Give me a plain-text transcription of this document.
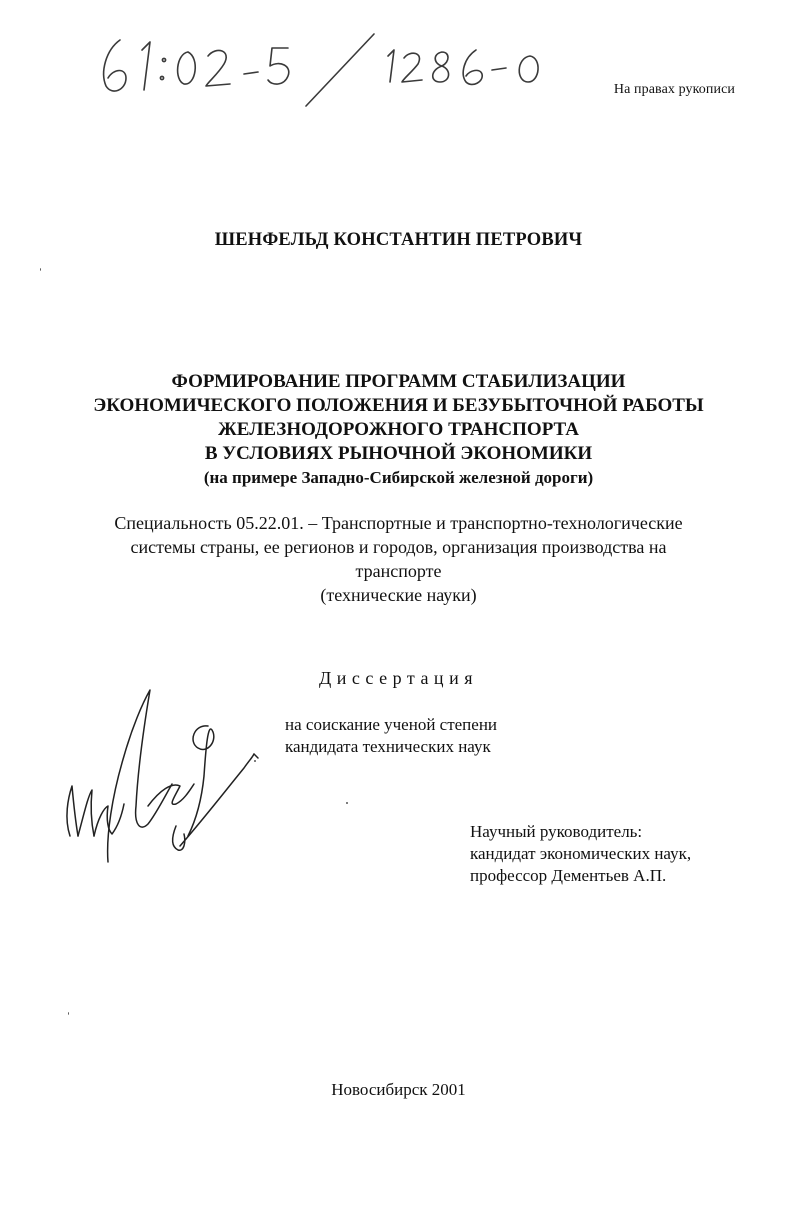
На правах рукописи
ШЕНФЕЛЬД КОНСТАНТИН ПЕТРОВИЧ
ФОРМИРОВАНИЕ ПРОГРАММ СТАБИЛИЗАЦИИ
ЭКОНОМИЧЕСКОГО ПОЛОЖЕНИЯ И БЕЗУБЫТОЧНОЙ РАБОТЫ
ЖЕЛЕЗНОДОРОЖНОГО ТРАНСПОРТА
В УСЛОВИЯХ РЫНОЧНОЙ ЭКОНОМИКИ
(на примере Западно-Сибирской железной дороги)
Специальность 05.22.01. – Транспортные и транспортно-технологические
системы страны, ее регионов и городов, организация производства на
транспорте
(технические науки)
Диссертация
на соискание ученой степени
кандидата технических наук
Научный руководитель:
кандидат экономических наук,
профессор Дементьев А.П.
Новосибирск 2001
